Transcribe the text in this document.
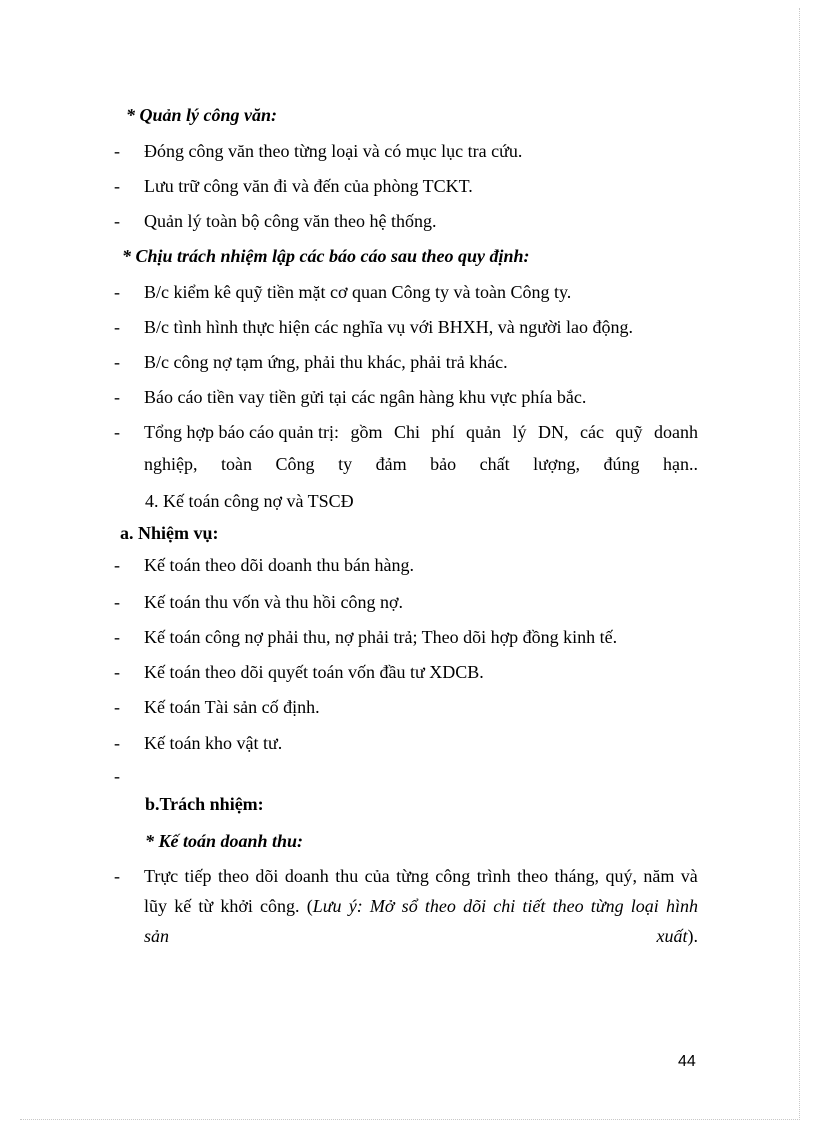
* Quản lý công văn:
- Đóng công văn theo từng loại và có mục lục tra cứu.
- Lưu trữ công văn đi và đến của phòng TCKT.
- Quản lý toàn bộ công văn theo hệ thống.
* Chịu trách nhiệm lập các báo cáo sau theo quy định:
- B/c kiểm kê quỹ tiền mặt cơ quan Công ty và toàn Công ty.
- B/c tình hình thực hiện các nghĩa vụ với BHXH, và người lao động.
- B/c công nợ tạm ứng, phải thu khác, phải trả khác.
- Báo cáo tiền vay tiền gửi tại các ngân hàng khu vực phía bắc.
- Tổng hợp báo cáo quản trị: gồm Chi phí quản lý DN, các quỹ doanh
nghiệp, toàn Công ty đảm bảo chất lượng, đúng hạn..
4. Kế toán công nợ và TSCĐ
a. Nhiệm vụ:
- Kế toán theo dõi doanh thu bán hàng.
- Kế toán thu vốn và thu hồi công nợ.
- Kế toán công nợ phải thu, nợ phải trả; Theo dõi hợp đồng kinh tế.
- Kế toán theo dõi quyết toán vốn đầu tư XDCB.
- Kế toán Tài sản cố định.
- Kế toán kho vật tư.
-
b.Trách nhiệm:
* Kế toán doanh thu:
- Trực tiếp theo dõi doanh thu của từng công trình theo tháng, quý, năm và
lũy kế từ khởi công. (Lưu ý: Mở sổ theo dõi chi tiết theo từng loại hình
sản xuất).
44
